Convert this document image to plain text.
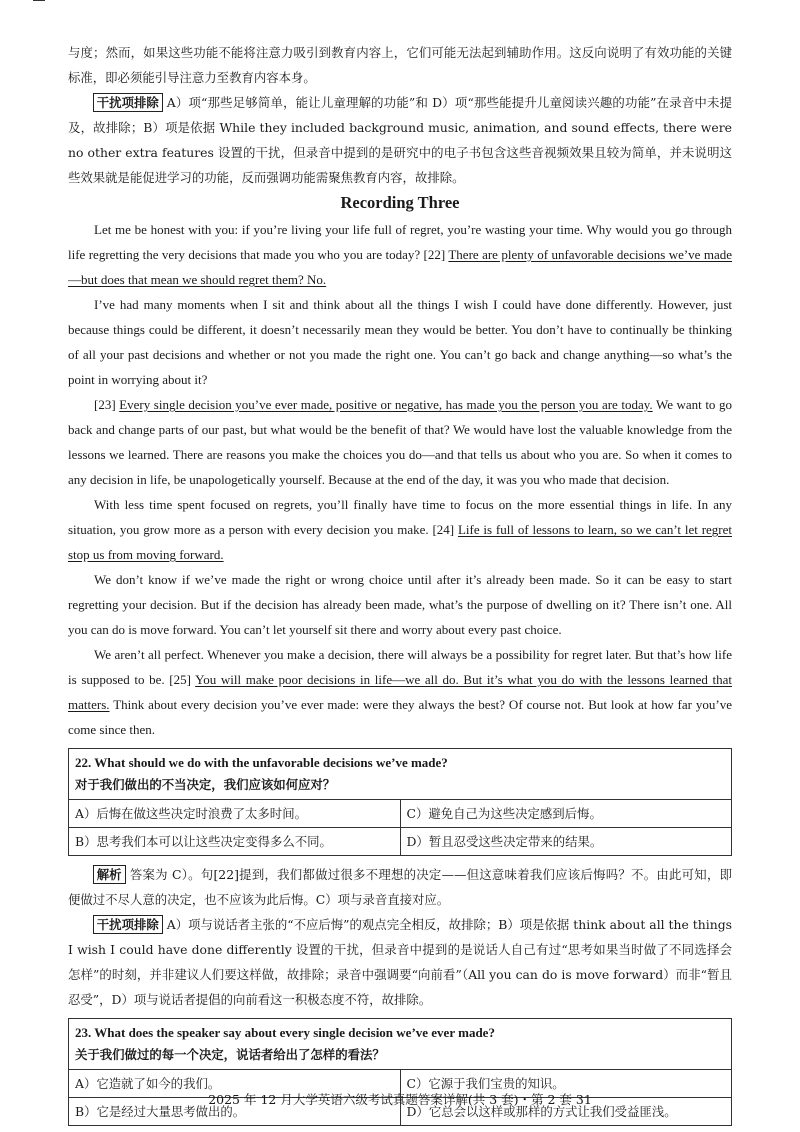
与度；然而，如果这些功能不能将注意力吸引到教育内容上，它们可能无法起到辅助作用。这反向说明了有效功能的关键标准，即必须能引导注意力至教育内容本身。

干扰项排除 A）项“那些足够简单，能让儿童理解的功能”和 D）项“那些能提升儿童阅读兴趣的功能”在录音中未提及，故排除；B）项是依据 While they included background music, animation, and sound effects, there were no other extra features 设置的干扰，但录音中提到的是研究中的电子书包含这些音视频效果且较为简单，并未说明这些效果就是能促进学习的功能，反而强调功能需聚焦教育内容，故排除。

Recording Three

Let me be honest with you: if you’re living your life full of regret, you’re wasting your time. Why would you go through life regretting the very decisions that made you who you are today? [22] There are plenty of unfavorable decisions we’ve made—but does that mean we should regret them? No.

I’ve had many moments when I sit and think about all the things I wish I could have done differently. However, just because things could be different, it doesn’t necessarily mean they would be better. You don’t have to continually be thinking of all your past decisions and whether or not you made the right one. You can’t go back and change anything—so what’s the point in worrying about it?

[23] Every single decision you’ve ever made, positive or negative, has made you the person you are today. We want to go back and change parts of our past, but what would be the benefit of that? We would have lost the valuable knowledge from the lessons we learned. There are reasons you make the choices you do—and that tells us about who you are. So when it comes to any decision in life, be unapologetically yourself. Because at the end of the day, it was you who made that decision.

With less time spent focused on regrets, you’ll finally have time to focus on the more essential things in life. In any situation, you grow more as a person with every decision you make. [24] Life is full of lessons to learn, so we can’t let regret stop us from moving forward.

We don’t know if we’ve made the right or wrong choice until after it’s already been made. So it can be easy to start regretting your decision. But if the decision has already been made, what’s the purpose of dwelling on it? There isn’t one. All you can do is move forward. You can’t let yourself sit there and worry about every past choice.

We aren’t all perfect. Whenever you make a decision, there will always be a possibility for regret later. But that’s how life is supposed to be. [25] You will make poor decisions in life—we all do. But it’s what you do with the lessons learned that matters. Think about every decision you’ve ever made: were they always the best? Of course not. But look at how far you’ve come since then.

22. What should we do with the unfavorable decisions we’ve made?
对于我们做出的不当决定，我们应该如何应对？	

A）后悔在做这些决定时浪费了太多时间。	C）避免自己为这些决定感到后悔。
B）思考我们本可以让这些决定变得多么不同。	D）暂且忍受这些决定带来的结果。

解析 答案为 C）。句[22]提到，我们都做过很多不理想的决定——但这意味着我们应该后悔吗？不。由此可知，即便做过不尽人意的决定，也不应该为此后悔。C）项与录音直接对应。

干扰项排除 A）项与说话者主张的“不应后悔”的观点完全相反，故排除；B）项是依据 think about all the things I wish I could have done differently 设置的干扰，但录音中提到的是说话人自己有过“思考如果当时做了不同选择会怎样”的时刻，并非建议人们要这样做，故排除；录音中强调要“向前看”（All you can do is move forward）而非“暂且忍受”，D）项与说话者提倡的向前看这一积极态度不符，故排除。

23. What does the speaker say about every single decision we’ve ever made?
关于我们做过的每一个决定，说话者给出了怎样的看法？	

A）它造就了如今的我们。	C）它源于我们宝贵的知识。
B）它是经过大量思考做出的。	D）它总会以这样或那样的方式让我们受益匪浅。
2025 年 12 月大学英语六级考试真题答案详解(共 3 套)・第 2 套 31
